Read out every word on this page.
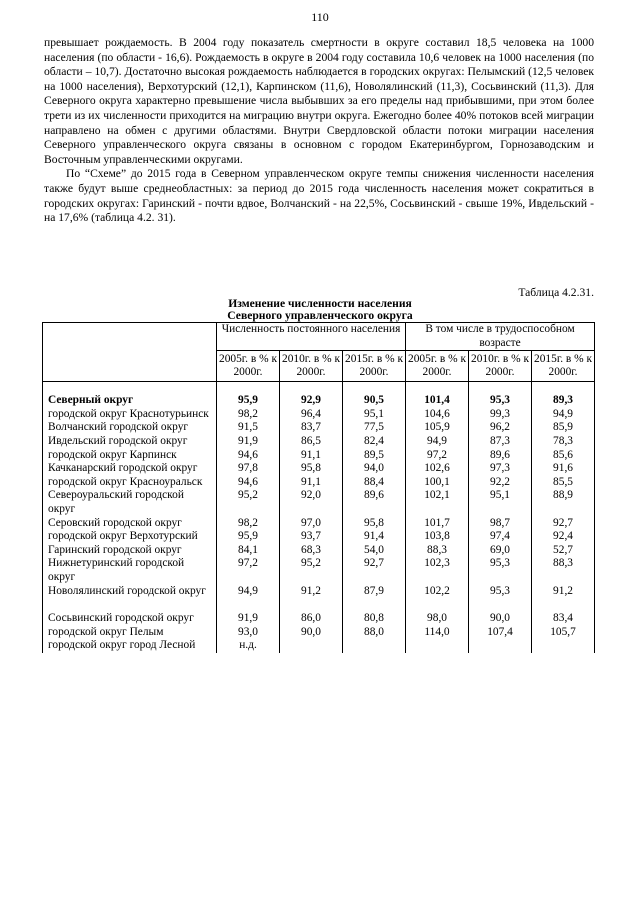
110

превышает рождаемость. В 2004 году показатель смертности в округе составил 18,5 человека на 1000 населения (по области - 16,6). Рождаемость в округе в 2004 году составила 10,6 человек на 1000 населения (по области – 10,7). Достаточно высокая рождаемость наблюдается в городских округах: Пелымский (12,5 человек на 1000 населения), Верхотурский (12,1), Карпинском (11,6), Новолялинский (11,3), Сосьвинский (11,3). Для Северного округа характерно превышение числа выбывших за его пределы над прибывшими, при этом более трети из их численности приходится на миграцию внутри округа. Ежегодно более 40% потоков всей миграции направлено на обмен с другими областями. Внутри Свердловской области потоки миграции населения Северного управленческого округа связаны в основном с городом Екатеринбургом, Горнозаводским и Восточным управленческими округами.

По “Схеме” до 2015 года в Северном управленческом округе темпы снижения численности населения также будут выше среднеобластных: за период до 2015 года численность населения может сократиться в городских округах: Гаринский - почти вдвое, Волчанский - на 22,5%, Сосьвинский - свыше 19%, Ивдельский - на 17,6% (таблица 4.2. 31).

Таблица 4.2.31.
Изменение численности населения
Северного управленческого округа
	Численность постоянного населения			В том числе в трудоспособном возрасте		
	2005г. в % к 2000г.	2010г. в % к 2000г.	2015г. в % к 2000г.	2005г. в % к 2000г.	2010г. в % к 2000г.	2015г. в % к 2000г.

Северный округ	95,9	92,9	90,5	101,4	95,3	89,3
городской округ Краснотурьинск	98,2	96,4	95,1	104,6	99,3	94,9
Волчанский городской округ	91,5	83,7	77,5	105,9	96,2	85,9
Ивдельский городской округ	91,9	86,5	82,4	94,9	87,3	78,3
городской округ Карпинск	94,6	91,1	89,5	97,2	89,6	85,6
Качканарский городской округ	97,8	95,8	94,0	102,6	97,3	91,6
городской округ Красноуральск	94,6	91,1	88,4	100,1	92,2	85,5
Североуральский городской округ	95,2	92,0	89,6	102,1	95,1	88,9
Серовский городской округ	98,2	97,0	95,8	101,7	98,7	92,7
городской округ Верхотурский	95,9	93,7	91,4	103,8	97,4	92,4
Гаринский городской округ	84,1	68,3	54,0	88,3	69,0	52,7
Нижнетуринский городской округ	97,2	95,2	92,7	102,3	95,3	88,3
Новолялинский городской округ	94,9	91,2	87,9	102,2	95,3	91,2
Сосьвинский городской округ	91,9	86,0	80,8	98,0	90,0	83,4
городской округ Пелым	93,0	90,0	88,0	114,0	107,4	105,7
городской округ город Лесной	н.д.					
